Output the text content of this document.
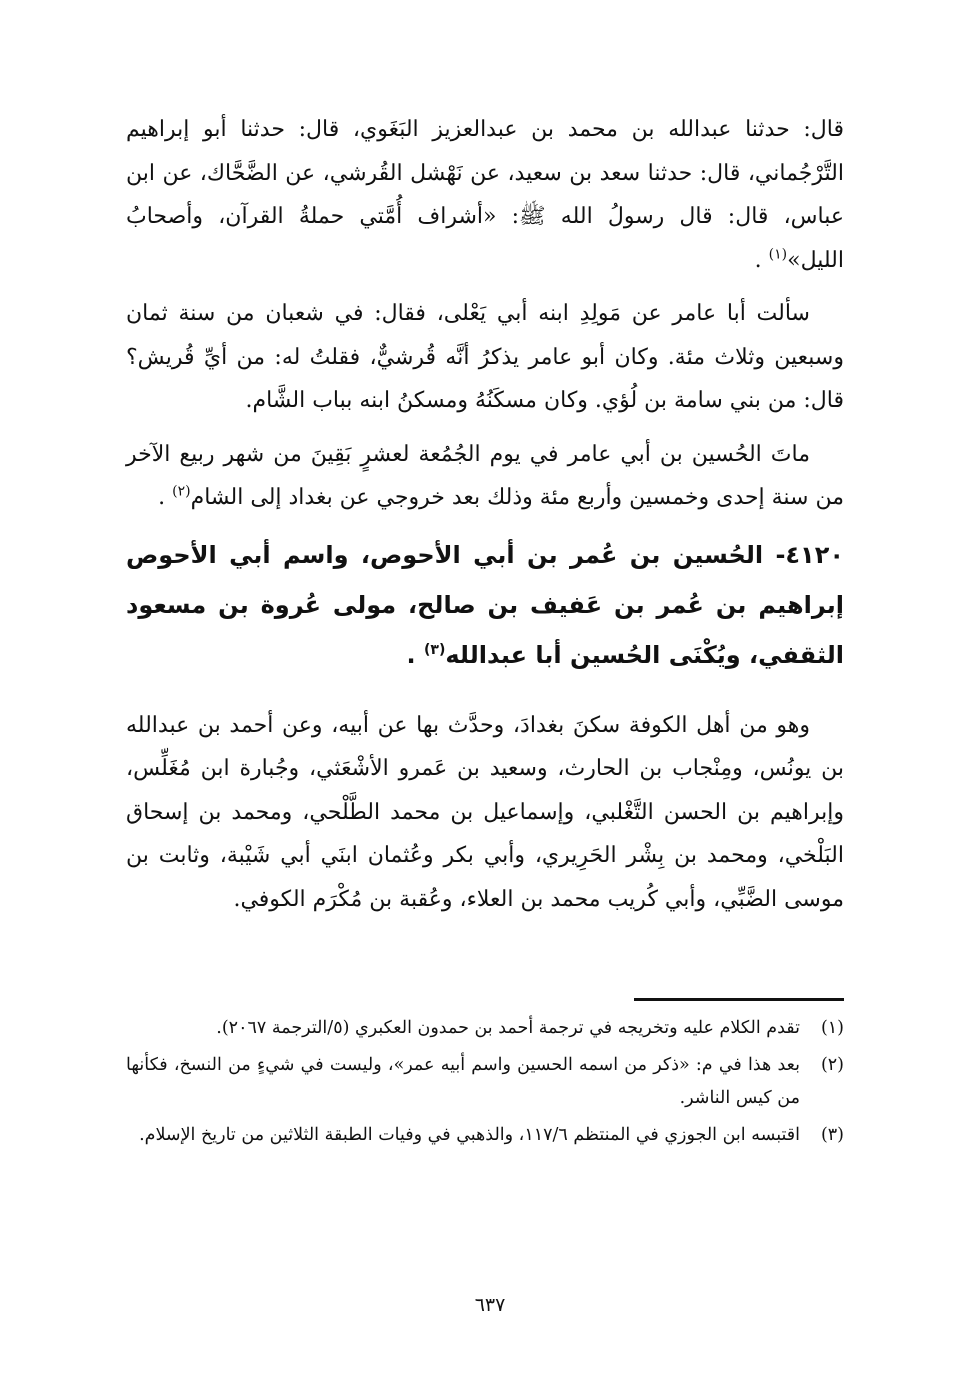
قال: حدثنا عبدالله بن محمد بن عبدالعزيز البَغَوي، قال: حدثنا أبو إبراهيم التَّرْجُماني، قال: حدثنا سعد بن سعيد، عن نَهْشل القُرشي، عن الضَّحَّاك، عن ابن عباس، قال: قال رسولُ الله ﷺ: «أشراف أُمَّتي حملةُ القرآن، وأصحابُ الليل»$^{(١)}$ .

سألت أبا عامر عن مَولِدِ ابنه أبي يَعْلى، فقال: في شعبان من سنة ثمان وسبعين وثلاث مئة. وكان أبو عامر يذكرُ أنَّه قُرشيٌّ، فقلتُ له: من أيِّ قُريش؟ قال: من بني سامة بن لُؤي. وكان مسكَنُهُ ومسكنُ ابنه بباب الشَّام.

ماتَ الحُسين بن أبي عامر في يوم الجُمُعة لعشرٍ بَقِينَ من شهر ربيع الآخر من سنة إحدى وخمسين وأربع مئة وذلك بعد خروجي عن بغداد إلى الشام$^{(٢)}$ .

٤١٢٠- الحُسين بن عُمر بن أبي الأحوص، واسم أبي الأحوص إبراهيم بن عُمر بن عَفيف بن صالح، مولى عُروة بن مسعود الثقفي، ويُكْنَى الحُسين أبا عبدالله$^{(٣)}$ .

وهو من أهل الكوفة سكنَ بغدادَ، وحدَّث بها عن أبيه، وعن أحمد بن عبدالله بن يونُس، ومِنْجاب بن الحارث، وسعيد بن عَمرو الأشْعَثي، وجُبارة ابن مُغَلِّس، وإبراهيم بن الحسن التَّغْلبي، وإسماعيل بن محمد الطَّلْحي، ومحمد بن إسحاق البَلْخي، ومحمد بن بِشْر الحَرِيري، وأبي بكر وعُثمان ابنَي أبي شَيْبة، وثابت بن موسى الضَّبِّي، وأبي كُريب محمد بن العلاء، وعُقبة بن مُكْرَم الكوفي.

(١)
تقدم الكلام عليه وتخريجه في ترجمة أحمد بن حمدون العكبري (٥/الترجمة ٢٠٦٧).
(٢)
بعد هذا في م: «ذكر من اسمه الحسين واسم أبيه عمر»، وليست في شيءٍ من النسخ، فكأنها من كيس الناشر.
(٣)
اقتبسه ابن الجوزي في المنتظم ١١٧/٦، والذهبي في وفيات الطبقة الثلاثين من تاريخ الإسلام.
٦٣٧
